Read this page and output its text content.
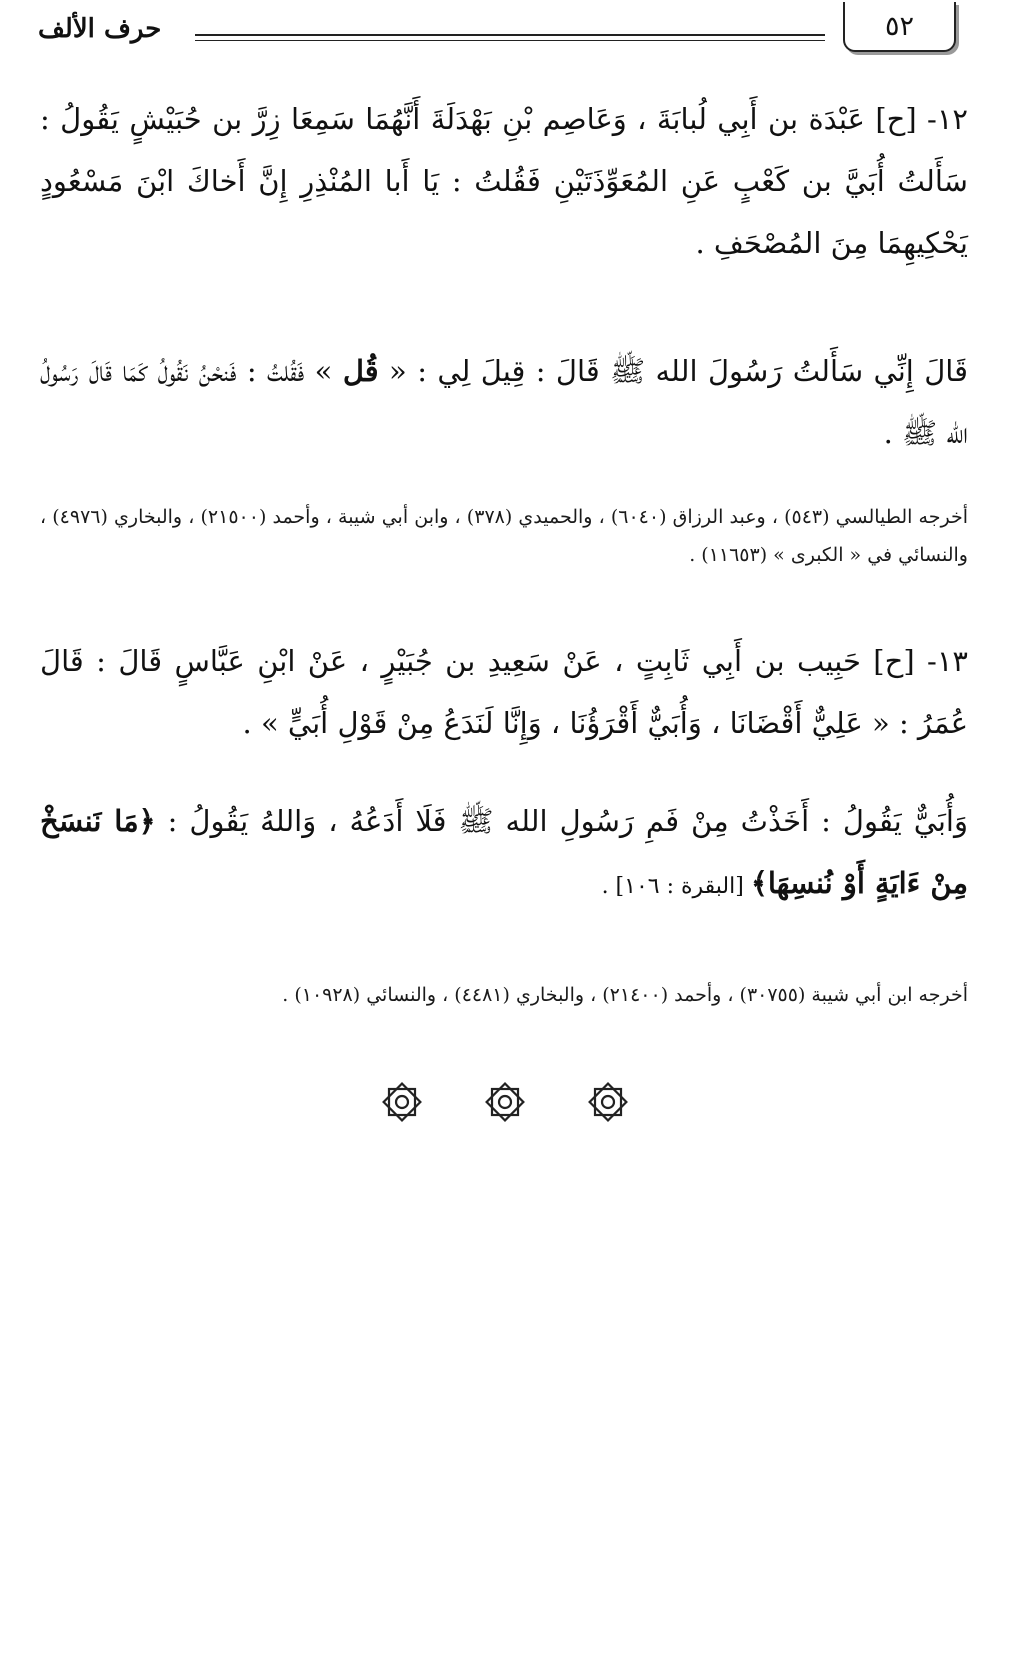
٥٢
حرف الألف
١٢- [ح] عَبْدَة بن أَبِي لُبابَةَ ، وَعَاصِم بْنِ بَهْدَلَةَ أَنَّهُمَا سَمِعَا زِرَّ بن حُبَيْشٍ يَقُولُ : سَأَلتُ أُبَيَّ بن كَعْبٍ عَنِ المُعَوِّذَتَيْنِ فَقُلتُ : يَا أَبا المُنْذِرِ إِنَّ أَخاكَ ابْنَ مَسْعُودٍ يَحْكِيهِمَا مِنَ المُصْحَفِ .
قَالَ إِنِّي سَأَلتُ رَسُولَ الله ﷺ قَالَ : قِيلَ لِي : « قُل » فَقُلتُ : فَنحْنُ نَقُولُ كَمَا قَالَ رَسُولُ الله ﷺ .
أخرجه الطيالسي (٥٤٣) ، وعبد الرزاق (٦٠٤٠) ، والحميدي (٣٧٨) ، وابن أبي شيبة ، وأحمد (٢١٥٠٠) ، والبخاري (٤٩٧٦) ، والنسائي في « الكبرى » (١١٦٥٣) .
١٣- [ح] حَبِيب بن أَبِي ثَابِتٍ ، عَنْ سَعِيدِ بن جُبَيْرٍ ، عَنْ ابْنِ عَبَّاسٍ قَالَ : قَالَ عُمَرُ : « عَلِيٌّ أَقْضَانَا ، وَأُبَيٌّ أَقْرَؤُنَا ، وَإِنَّا لَنَدَعُ مِنْ قَوْلِ أُبَيٍّ » .
وَأُبَيٌّ يَقُولُ : أَخَذْتُ مِنْ فَمِ رَسُولِ الله ﷺ فَلَا أَدَعُهُ ، وَاللهُ يَقُولُ : ﴿مَا نَنسَخْ مِنْ ءَايَةٍ أَوْ نُنسِهَا﴾ [البقرة : ١٠٦] .
أخرجه ابن أبي شيبة (٣٠٧٥٥) ، وأحمد (٢١٤٠٠) ، والبخاري (٤٤٨١) ، والنسائي (١٠٩٢٨) .
